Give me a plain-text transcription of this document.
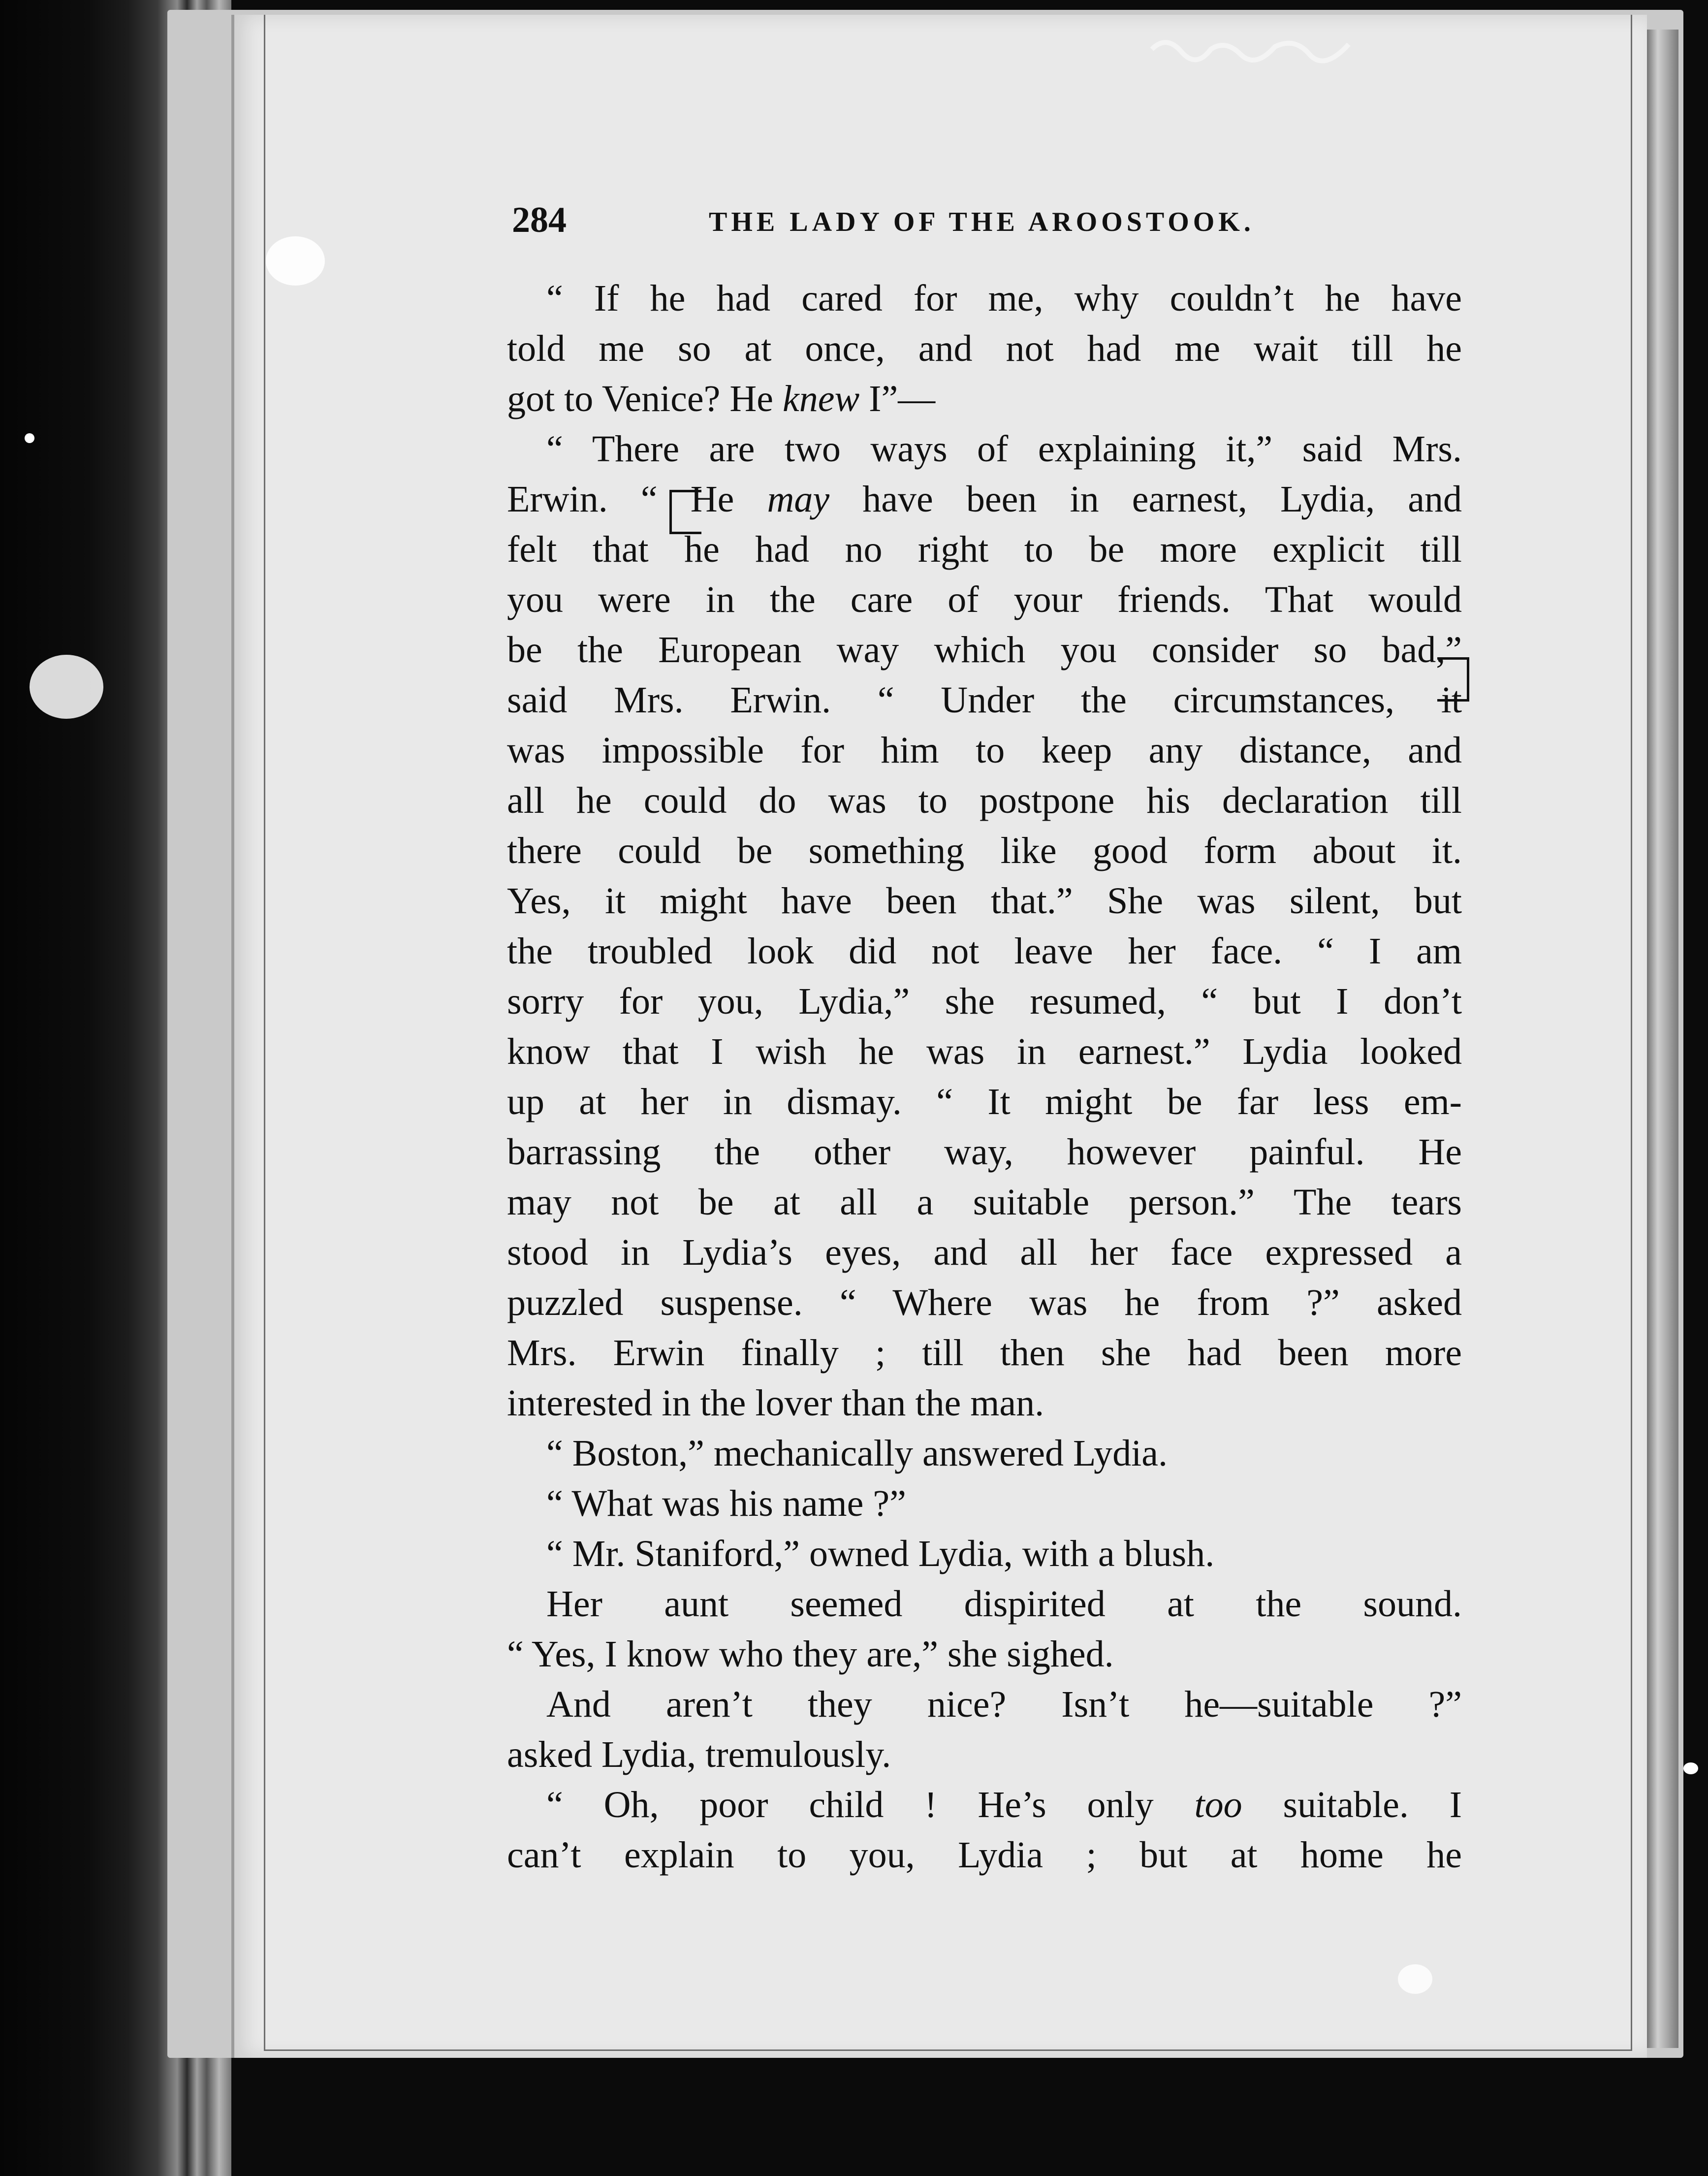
284	THE LADY OF THE AROOSTOOK.
“ If he had cared for me, why couldn’t he have
told me so at once, and not had me wait till he
got to Venice? He knew I”—
“ There are two ways of explaining it,” said Mrs.
Erwin. “ He may have been in earnest, Lydia, and
felt that he had no right to be more explicit till
you were in the care of your friends. That would
be the European way which you consider so bad,”
said Mrs. Erwin. “ Under the circumstances, it
was impossible for him to keep any distance, and
all he could do was to postpone his declaration till
there could be something like good form about it.
Yes, it might have been that.” She was silent, but
the troubled look did not leave her face. “ I am
sorry for you, Lydia,” she resumed, “ but I don’t
know that I wish he was in earnest.” Lydia looked
up at her in dismay. “ It might be far less em-
barrassing the other way, however painful. He
may not be at all a suitable person.” The tears
stood in Lydia’s eyes, and all her face expressed a
puzzled suspense. “ Where was he from ?” asked
Mrs. Erwin finally ; till then she had been more
interested in the lover than the man.
“ Boston,” mechanically answered Lydia.
“ What was his name ?”
“ Mr. Staniford,” owned Lydia, with a blush.
Her aunt seemed dispirited at the sound.
“ Yes, I know who they are,” she sighed.
And aren’t they nice? Isn’t he—suitable ?”
asked Lydia, tremulously.
“ Oh, poor child ! He’s only too suitable. I
can’t explain to you, Lydia ; but at home he
